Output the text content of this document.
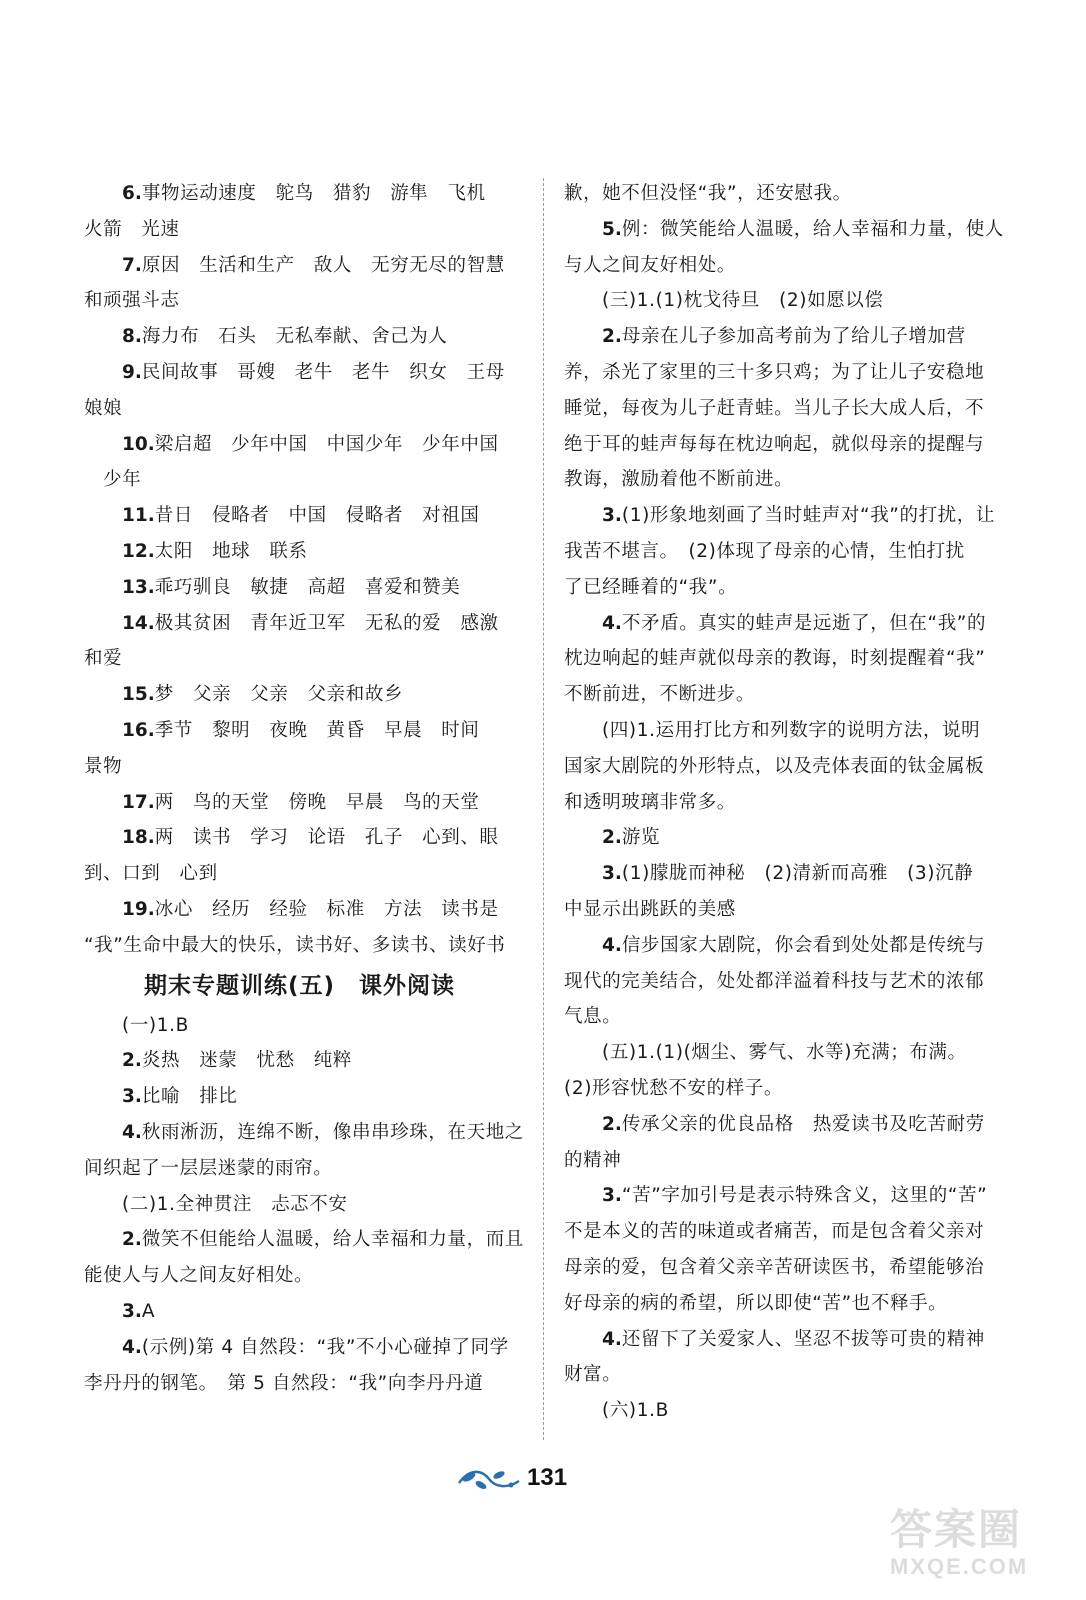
6.事物运动速度　鸵鸟　猎豹　游隼　飞机
火箭　光速
7.原因　生活和生产　敌人　无穷无尽的智慧
和顽强斗志
8.海力布　石头　无私奉献、舍己为人
9.民间故事　哥嫂　老牛　老牛　织女　王母
娘娘
10.梁启超　少年中国　中国少年　少年中国
　少年
11.昔日　侵略者　中国　侵略者　对祖国
12.太阳　地球　联系
13.乖巧驯良　敏捷　高超　喜爱和赞美
14.极其贫困　青年近卫军　无私的爱　感激
和爱
15.梦　父亲　父亲　父亲和故乡
16.季节　黎明　夜晚　黄昏　早晨　时间
景物
17.两　鸟的天堂　傍晚　早晨　鸟的天堂
18.两　读书　学习　论语　孔子　心到、眼
到、口到　心到
19.冰心　经历　经验　标准　方法　读书是
“我”生命中最大的快乐，读书好、多读书、读好书
期末专题训练(五)　课外阅读
(一)1.B
2.炎热　迷蒙　忧愁　纯粹
3.比喻　排比
4.秋雨淅沥，连绵不断，像串串珍珠，在天地之
间织起了一层层迷蒙的雨帘。
(二)1.全神贯注　忐忑不安
2.微笑不但能给人温暖，给人幸福和力量，而且
能使人与人之间友好相处。
3.A
4.(示例)第 4 自然段：“我”不小心碰掉了同学
李丹丹的钢笔。　第 5 自然段：“我”向李丹丹道
歉，她不但没怪“我”，还安慰我。
5.例：微笑能给人温暖，给人幸福和力量，使人
与人之间友好相处。
(三)1.(1)枕戈待旦　(2)如愿以偿
2.母亲在儿子参加高考前为了给儿子增加营
养，杀光了家里的三十多只鸡；为了让儿子安稳地
睡觉，每夜为儿子赶青蛙。当儿子长大成人后，不
绝于耳的蛙声每每在枕边响起，就似母亲的提醒与
教诲，激励着他不断前进。
3.(1)形象地刻画了当时蛙声对“我”的打扰，让
我苦不堪言。　(2)体现了母亲的心情，生怕打扰
了已经睡着的“我”。
4.不矛盾。真实的蛙声是远逝了，但在“我”的
枕边响起的蛙声就似母亲的教诲，时刻提醒着“我”
不断前进，不断进步。
(四)1.运用打比方和列数字的说明方法，说明
国家大剧院的外形特点，以及壳体表面的钛金属板
和透明玻璃非常多。
2.游览
3.(1)朦胧而神秘　(2)清新而高雅　(3)沉静
中显示出跳跃的美感
4.信步国家大剧院，你会看到处处都是传统与
现代的完美结合，处处都洋溢着科技与艺术的浓郁
气息。
(五)1.(1)(烟尘、雾气、水等)充满；布满。
(2)形容忧愁不安的样子。
2.传承父亲的优良品格　热爱读书及吃苦耐劳
的精神
3.“苦”字加引号是表示特殊含义，这里的“苦”
不是本义的苦的味道或者痛苦，而是包含着父亲对
母亲的爱，包含着父亲辛苦研读医书，希望能够治
好母亲的病的希望，所以即使“苦”也不释手。
4.还留下了关爱家人、坚忍不拔等可贵的精神
财富。
(六)1.B
131
答案圈
MXQE.COM
